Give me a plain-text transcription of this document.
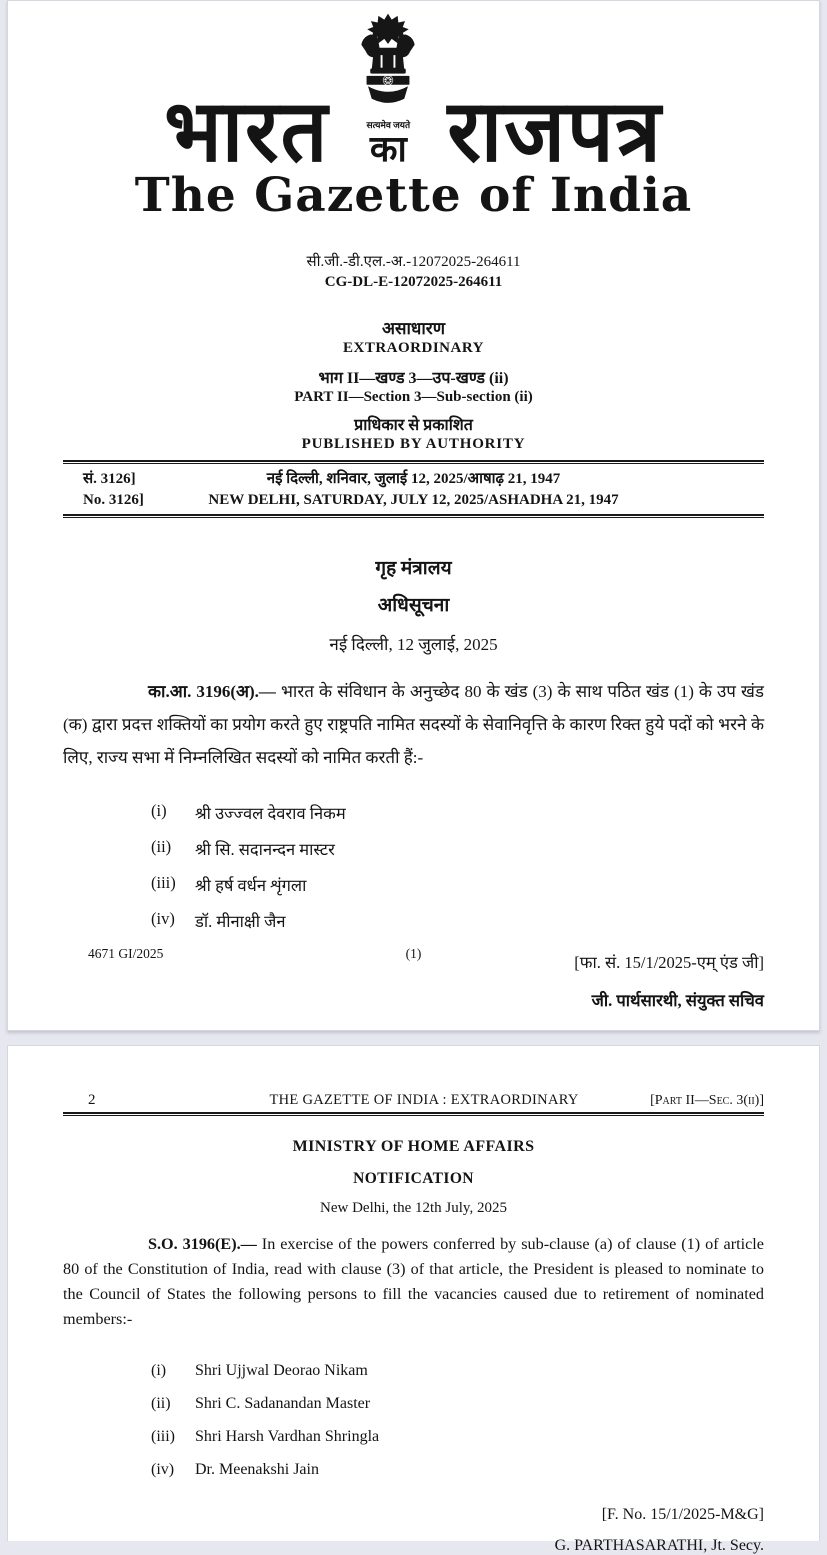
भारत	सत्यमेव जयते
का राजपत्र
The Gazette of India
सी.जी.-डी.एल.-अ.-12072025-264611
CG-DL-E-12072025-264611
असाधारण
EXTRAORDINARY
भाग II—खण्ड 3—उप-खण्ड (ii)
PART II—Section 3—Sub-section (ii)
प्राधिकार से प्रकाशित
PUBLISHED BY AUTHORITY
सं. 3126]	नई दिल्ली, शनिवार, जुलाई 12, 2025/आषाढ़ 21, 1947
No. 3126]	NEW DELHI, SATURDAY, JULY 12, 2025/ASHADHA 21, 1947
गृह मंत्रालय
अधिसूचना
नई दिल्ली, 12 जुलाई, 2025
का.आ. 3196(अ).— भारत के संविधान के अनुच्छेद 80 के खंड (3) के साथ पठित खंड (1) के उप खंड (क) द्वारा प्रदत्त शक्तियों का प्रयोग करते हुए राष्ट्रपति नामित सदस्यों के सेवानिवृत्ति के कारण रिक्त हुये पदों को भरने के लिए, राज्य सभा में निम्नलिखित सदस्यों को नामित करती हैं:-
(i)	श्री उज्ज्वल देवराव निकम
(ii)	श्री सि. सदानन्दन मास्टर
(iii)	श्री हर्ष वर्धन शृंगला
(iv)	डॉ. मीनाक्षी जैन
[फा. सं. 15/1/2025-एम् एंड जी]
जी. पार्थसारथी, संयुक्त सचिव
4671 GI/2025	(1)
2	THE GAZETTE OF INDIA : EXTRAORDINARY	[Part II—Sec. 3(ii)]
MINISTRY OF HOME AFFAIRS
NOTIFICATION
New Delhi, the 12th July, 2025
S.O. 3196(E).— In exercise of the powers conferred by sub-clause (a) of clause (1) of article 80 of the Constitution of India, read with clause (3) of that article, the President is pleased to nominate to the Council of States the following persons to fill the vacancies caused due to retirement of nominated members:-
(i)	Shri Ujjwal Deorao Nikam
(ii)	Shri C. Sadanandan Master
(iii)	Shri Harsh Vardhan Shringla
(iv)	Dr. Meenakshi Jain
[F. No. 15/1/2025-M&G]
G. PARTHASARATHI, Jt. Secy.
